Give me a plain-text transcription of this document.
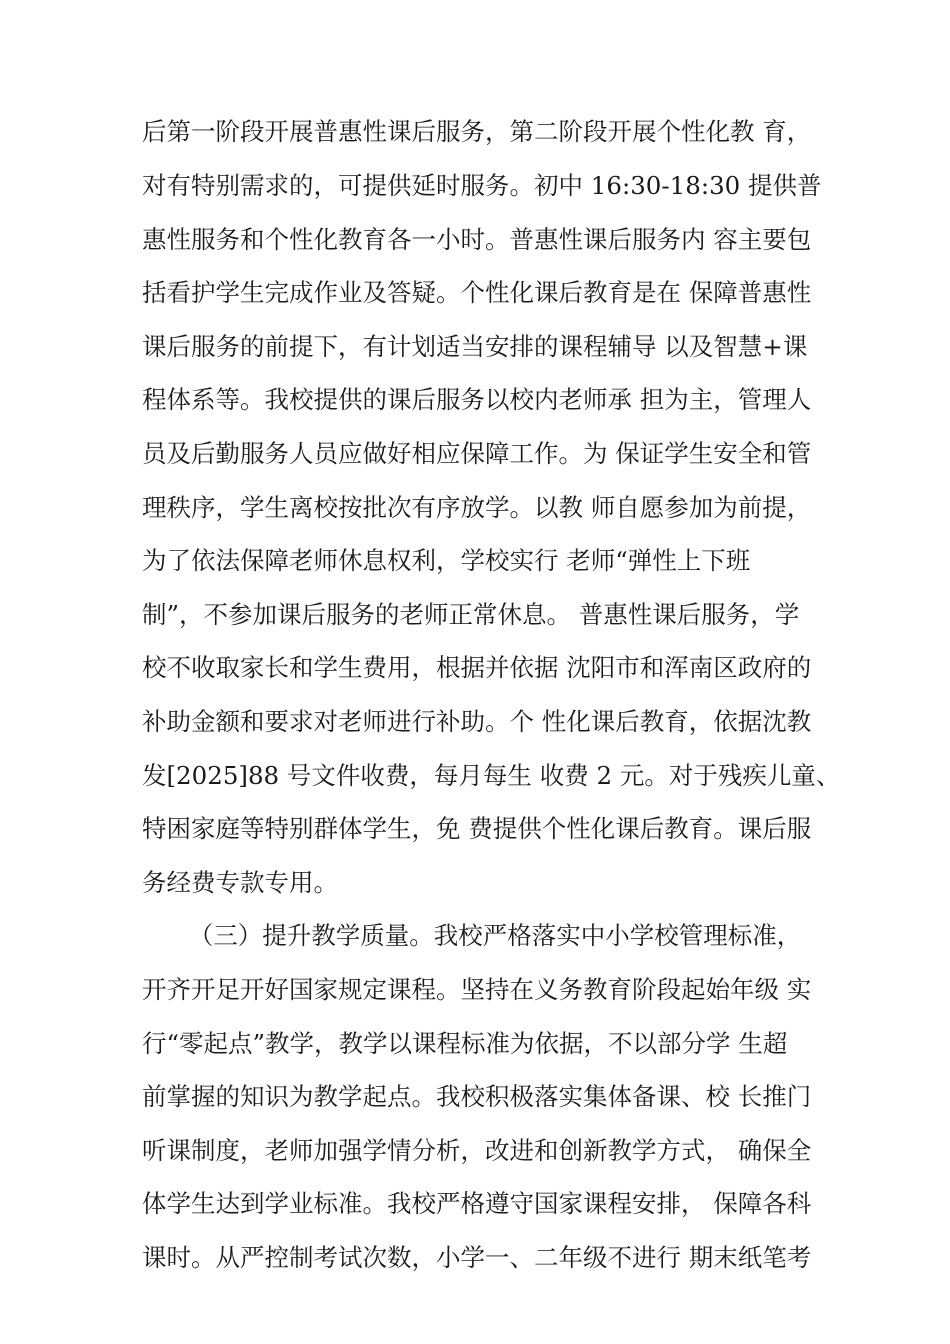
后第一阶段开展普惠性课后服务，第二阶段开展个性化教 育，

对有特别需求的，可提供延时服务。初中 16:30-18:30 提供普

惠性服务和个性化教育各一小时。普惠性课后服务内 容主要包

括看护学生完成作业及答疑。个性化课后教育是在 保障普惠性

课后服务的前提下，有计划适当安排的课程辅导 以及智慧+课

程体系等。我校提供的课后服务以校内老师承 担为主，管理人

员及后勤服务人员应做好相应保障工作。为 保证学生安全和管

理秩序，学生离校按批次有序放学。以教 师自愿参加为前提，

为了依法保障老师休息权利，学校实行 老师“弹性上下班

制”，不参加课后服务的老师正常休息。 普惠性课后服务，学

校不收取家长和学生费用，根据并依据 沈阳市和浑南区政府的

补助金额和要求对老师进行补助。个 性化课后教育，依据沈教

发[2025]88 号文件收费，每月每生 收费 2 元。对于残疾儿童、

特困家庭等特别群体学生，免 费提供个性化课后教育。课后服

务经费专款专用。

（三）提升教学质量。我校严格落实中小学校管理标准，

开齐开足开好国家规定课程。坚持在义务教育阶段起始年级 实

行“零起点”教学，教学以课程标准为依据，不以部分学 生超

前掌握的知识为教学起点。我校积极落实集体备课、校 长推门

听课制度，老师加强学情分析，改进和创新教学方式， 确保全

体学生达到学业标准。我校严格遵守国家课程安排， 保障各科

课时。从严控制考试次数，小学一、二年级不进行 期末纸笔考
